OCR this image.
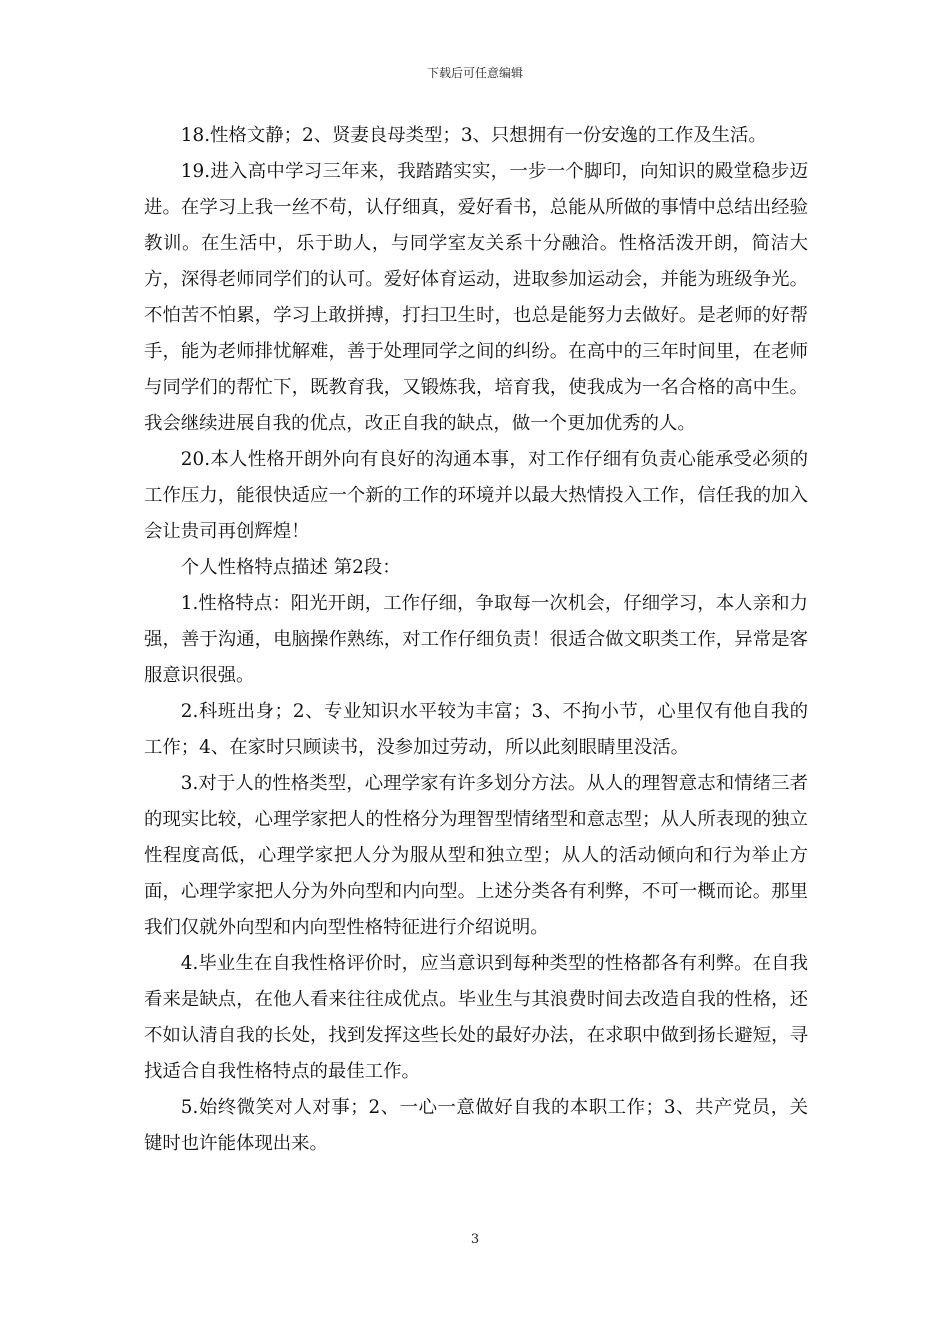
下载后可任意编辑

18.性格文静；2、贤妻良母类型；3、只想拥有一份安逸的工作及生活。

19.进入高中学习三年来，我踏踏实实，一步一个脚印，向知识的殿堂稳步迈进。在学习上我一丝不苟，认仔细真，爱好看书，总能从所做的事情中总结出经验教训。在生活中，乐于助人，与同学室友关系十分融洽。性格活泼开朗，简洁大方，深得老师同学们的认可。爱好体育运动，进取参加运动会，并能为班级争光。不怕苦不怕累，学习上敢拼搏，打扫卫生时，也总是能努力去做好。是老师的好帮手，能为老师排忧解难，善于处理同学之间的纠纷。在高中的三年时间里，在老师与同学们的帮忙下，既教育我，又锻炼我，培育我，使我成为一名合格的高中生。我会继续进展自我的优点，改正自我的缺点，做一个更加优秀的人。

20.本人性格开朗外向有良好的沟通本事，对工作仔细有负责心能承受必须的工作压力，能很快适应一个新的工作的环境并以最大热情投入工作，信任我的加入会让贵司再创辉煌！

个人性格特点描述 第2段：

1.性格特点：阳光开朗，工作仔细，争取每一次机会，仔细学习，本人亲和力强，善于沟通，电脑操作熟练，对工作仔细负责！很适合做文职类工作，异常是客服意识很强。

2.科班出身；2、专业知识水平较为丰富；3、不拘小节，心里仅有他自我的工作；4、在家时只顾读书，没参加过劳动，所以此刻眼睛里没活。

3.对于人的性格类型，心理学家有许多划分方法。从人的理智意志和情绪三者的现实比较，心理学家把人的性格分为理智型情绪型和意志型；从人所表现的独立性程度高低，心理学家把人分为服从型和独立型；从人的活动倾向和行为举止方面，心理学家把人分为外向型和内向型。上述分类各有利弊，不可一概而论。那里我们仅就外向型和内向型性格特征进行介绍说明。

4.毕业生在自我性格评价时，应当意识到每种类型的性格都各有利弊。在自我看来是缺点，在他人看来往往成优点。毕业生与其浪费时间去改造自我的性格，还不如认清自我的长处，找到发挥这些长处的最好办法，在求职中做到扬长避短，寻找适合自我性格特点的最佳工作。

5.始终微笑对人对事；2、一心一意做好自我的本职工作；3、共产党员，关键时也许能体现出来。

3
